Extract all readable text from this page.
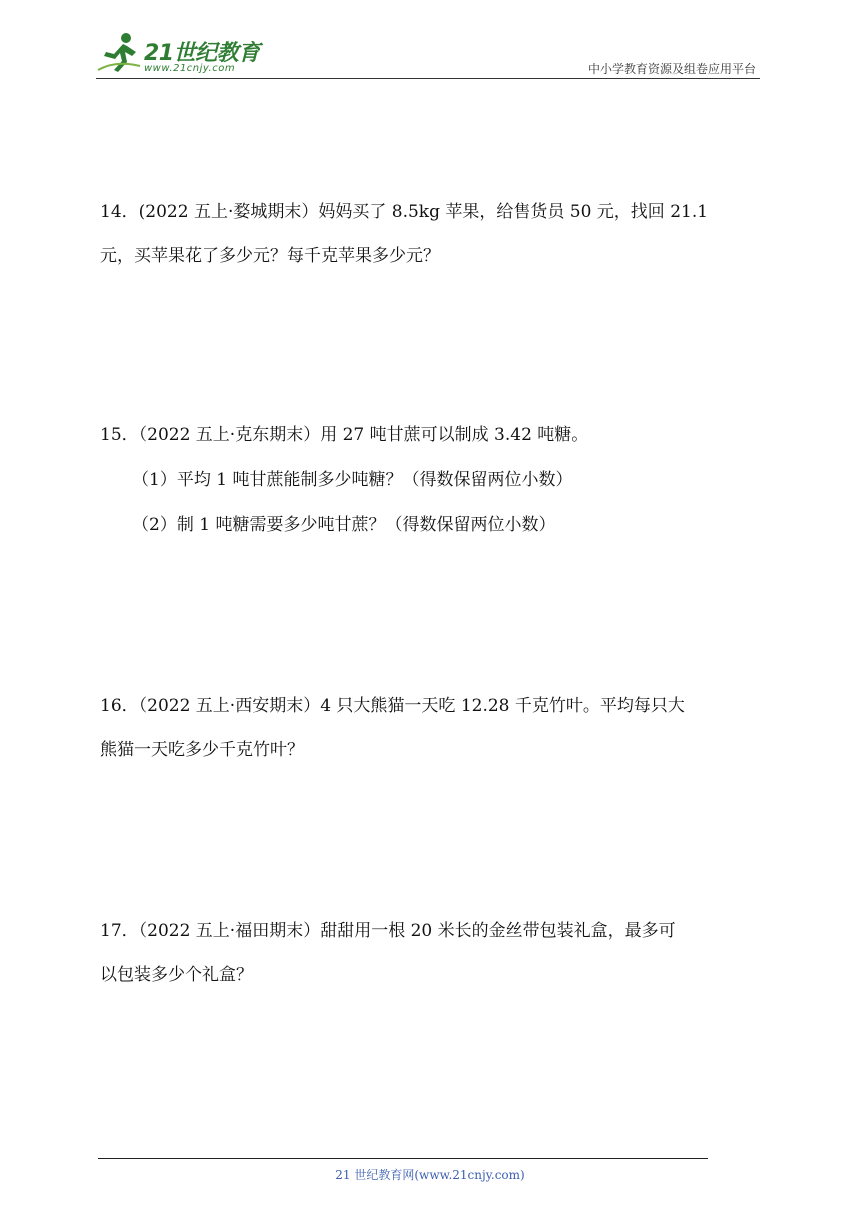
21世纪教育
www.21cnjy.com	中小学教育资源及组卷应用平台

14．(2022 五上·婺城期末）妈妈买了 8.5kg 苹果，给售货员 50 元，找回 21.1

元，买苹果花了多少元？每千克苹果多少元？

15．（2022 五上·克东期末）用 27 吨甘蔗可以制成 3.42 吨糖。

（1）平均 1 吨甘蔗能制多少吨糖？（得数保留两位小数）
（2）制 1 吨糖需要多少吨甘蔗？（得数保留两位小数）

16．（2022 五上·西安期末）4 只大熊猫一天吃 12.28 千克竹叶。平均每只大

熊猫一天吃多少千克竹叶？

17．（2022 五上·福田期末）甜甜用一根 20 米长的金丝带包装礼盒，最多可

以包装多少个礼盒？

21 世纪教育网(www.21cnjy.com)
